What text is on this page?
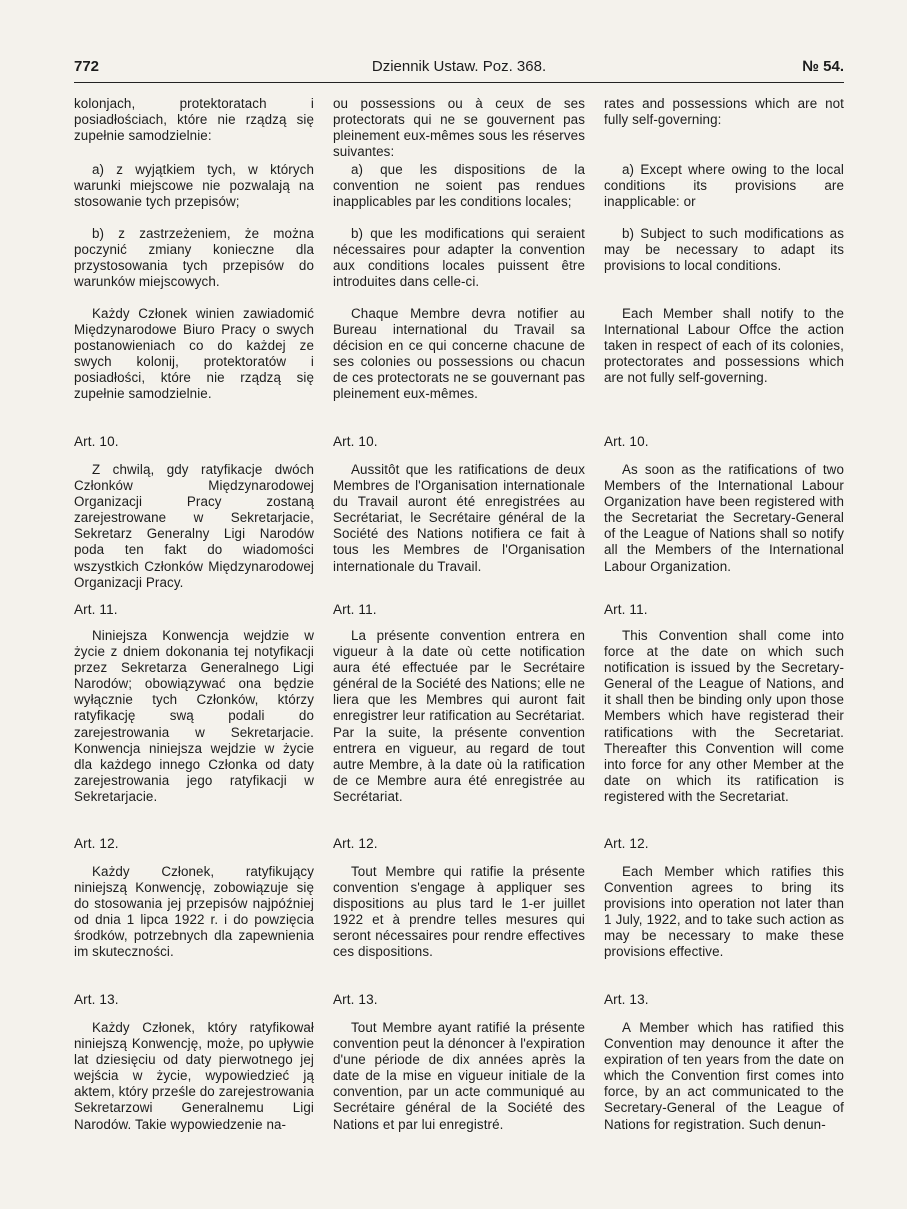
772	Dziennik Ustaw. Poz. 368.	№ 54.

kolonjach, protektoratach i posiadłościach, które nie rządzą się zupełnie samodzielnie:

a) z wyjątkiem tych, w których warunki miejscowe nie pozwalają na stosowanie tych przepisów;

b) z zastrzeżeniem, że można poczynić zmiany konieczne dla przystosowania tych przepisów do warunków miejscowych.

Każdy Członek winien zawiadomić Międzynarodowe Biuro Pracy o swych postanowieniach co do każdej ze swych kolonij, protektoratów i posiadłości, które nie rządzą się zupełnie samodzielnie.

Art. 10.

Z chwilą, gdy ratyfikacje dwóch Członków Międzynarodowej Organizacji Pracy zostaną zarejestrowane w Sekretarjacie, Sekretarz Generalny Ligi Narodów poda ten fakt do wiadomości wszystkich Członków Międzynarodowej Organizacji Pracy.

Art. 11.

Niniejsza Konwencja wejdzie w życie z dniem dokonania tej notyfikacji przez Sekretarza Generalnego Ligi Narodów; obowiązywać ona będzie wyłącznie tych Członków, którzy ratyfikację swą podali do zarejestrowania w Sekretarjacie. Konwencja niniejsza wejdzie w życie dla każdego innego Członka od daty zarejestrowania jego ratyfikacji w Sekretarjacie.

Art. 12.

Każdy Członek, ratyfikujący niniejszą Konwencję, zobowiązuje się do stosowania jej przepisów najpóźniej od dnia 1 lipca 1922 r. i do powzięcia środków, potrzebnych dla zapewnienia im skuteczności.

Art. 13.

Każdy Członek, który ratyfikował niniejszą Konwencję, może, po upływie lat dziesięciu od daty pierwotnego jej wejścia w życie, wypowiedzieć ją aktem, który prześle do zarejestrowania Sekretarzowi Generalnemu Ligi Narodów. Takie wypowiedzenie na-

ou possessions ou à ceux de ses protectorats qui ne se gouvernent pas pleinement eux-mêmes sous les réserves suivantes:

a) que les dispositions de la convention ne soient pas rendues inapplicables par les conditions locales;

b) que les modifications qui seraient nécessaires pour adapter la convention aux conditions locales puissent être introduites dans celle-ci.

Chaque Membre devra notifier au Bureau international du Travail sa décision en ce qui concerne chacune de ses colonies ou possessions ou chacun de ces protectorats ne se gouvernant pas pleinement eux-mêmes.

Art. 10.

Aussitôt que les ratifications de deux Membres de l'Organisation internationale du Travail auront été enregistrées au Secrétariat, le Secrétaire général de la Société des Nations notifiera ce fait à tous les Membres de l'Organisation internationale du Travail.

Art. 11.

La présente convention entrera en vigueur à la date où cette notification aura été effectuée par le Secrétaire général de la Société des Nations; elle ne liera que les Membres qui auront fait enregistrer leur ratification au Secrétariat. Par la suite, la présente convention entrera en vigueur, au regard de tout autre Membre, à la date où la ratification de ce Membre aura été enregistrée au Secrétariat.

Art. 12.

Tout Membre qui ratifie la présente convention s'engage à appliquer ses dispositions au plus tard le 1-er juillet 1922 et à prendre telles mesures qui seront nécessaires pour rendre effectives ces dispositions.

Art. 13.

Tout Membre ayant ratifié la présente convention peut la dénoncer à l'expiration d'une période de dix années après la date de la mise en vigueur initiale de la convention, par un acte communiqué au Secrétaire général de la Société des Nations et par lui enregistré.

rates and possessions which are not fully self-governing:

a) Except where owing to the local conditions its provisions are inapplicable: or

b) Subject to such modifications as may be necessary to adapt its provisions to local conditions.

Each Member shall notify to the International Labour Offce the action taken in respect of each of its colonies, protectorates and possessions which are not fully self-governing.

Art. 10.

As soon as the ratifications of two Members of the International Labour Organization have been registered with the Secretariat the Secretary-General of the League of Nations shall so notify all the Members of the International Labour Organization.

Art. 11.

This Convention shall come into force at the date on which such notification is issued by the Secretary-General of the League of Nations, and it shall then be binding only upon those Members which have registerad their ratifications with the Secretariat. Thereafter this Convention will come into force for any other Member at the date on which its ratification is registered with the Secretariat.

Art. 12.

Each Member which ratifies this Convention agrees to bring its provisions into operation not later than 1 July, 1922, and to take such action as may be necessary to make these provisions effective.

Art. 13.

A Member which has ratified this Convention may denounce it after the expiration of ten years from the date on which the Convention first comes into force, by an act communicated to the Secretary-General of the League of Nations for registration. Such denun-
